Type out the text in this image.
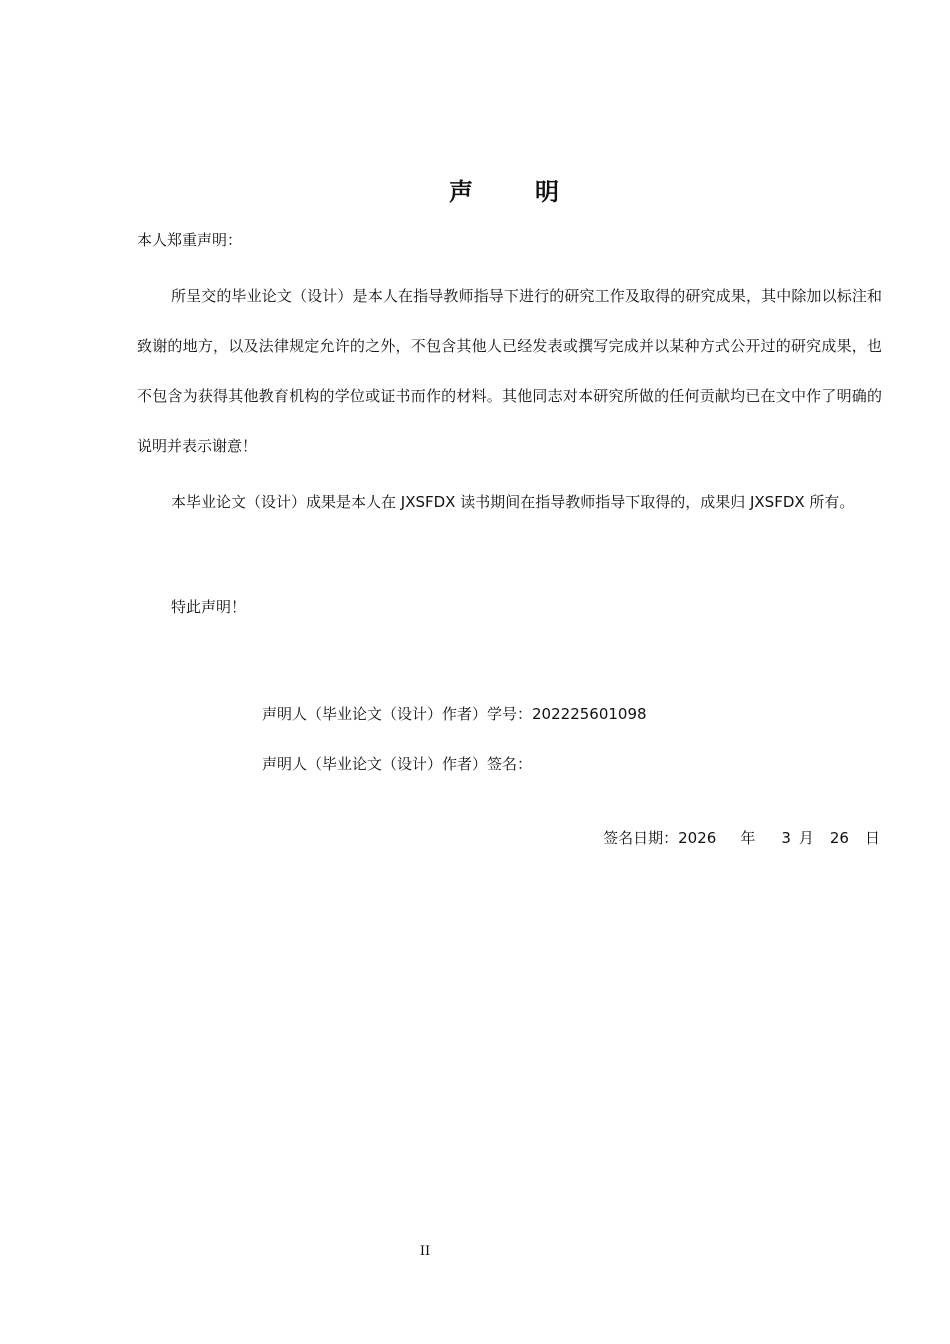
声	明
本人郑重声明：
所呈交的毕业论文（设计）是本人在指导教师指导下进行的研究工作及取得的研究成果，其中除加以标注和致谢的地方，以及法律规定允许的之外，不包含其他人已经发表或撰写完成并以某种方式公开过的研究成果，也不包含为获得其他教育机构的学位或证书而作的材料。其他同志对本研究所做的任何贡献均已在文中作了明确的说明并表示谢意！
本毕业论文（设计）成果是本人在 JXSFDX 读书期间在指导教师指导下取得的，成果归 JXSFDX 所有。
特此声明！
声明人（毕业论文（设计）作者）学号：202225601098
声明人（毕业论文（设计）作者）签名：
签名日期：2026 年 3 月 26 日
II
